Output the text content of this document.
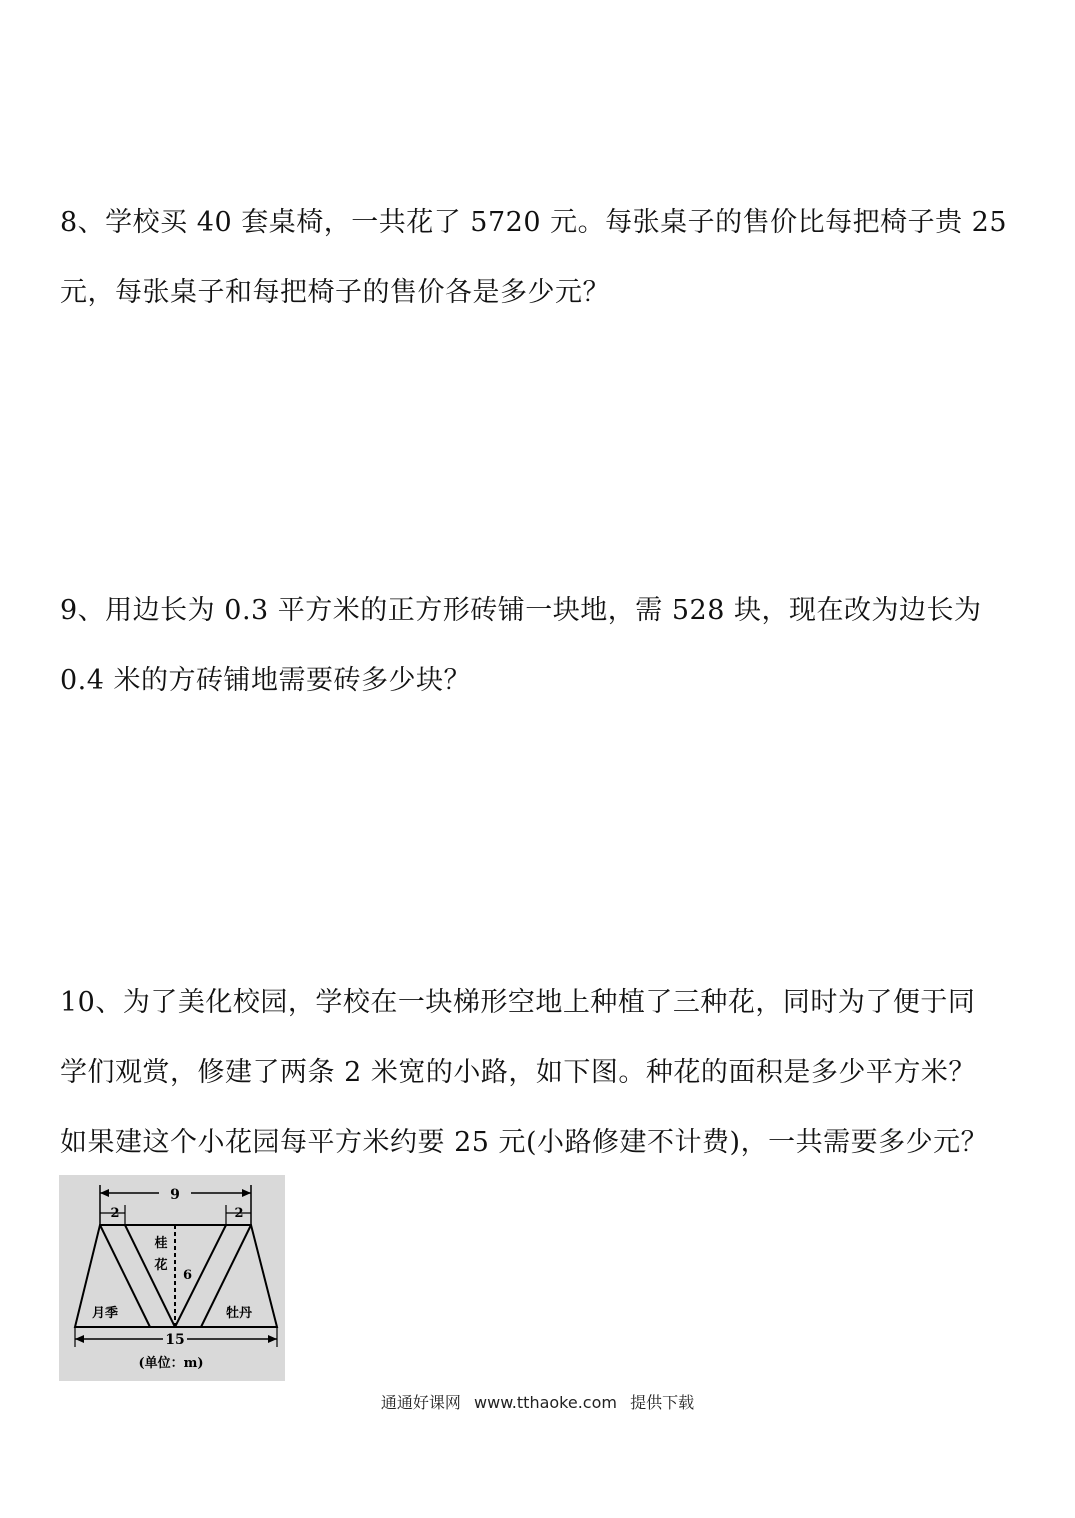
8、学校买 40 套桌椅，一共花了 5720 元。每张桌子的售价比每把椅子贵 25

元，每张桌子和每把椅子的售价各是多少元？

9、用边长为 0.3 平方米的正方形砖铺一块地，需 528 块，现在改为边长为

0.4 米的方砖铺地需要砖多少块？

10、为了美化校园，学校在一块梯形空地上种植了三种花，同时为了便于同

学们观赏，修建了两条 2 米宽的小路，如下图。种花的面积是多少平方米？

如果建这个小花园每平方米约要 25 元(小路修建不计费)，一共需要多少元？

9
2	2
6
桂
花
月季	牡丹
15
(单位：m)
通通好课网 www.tthaoke.com 提供下载
